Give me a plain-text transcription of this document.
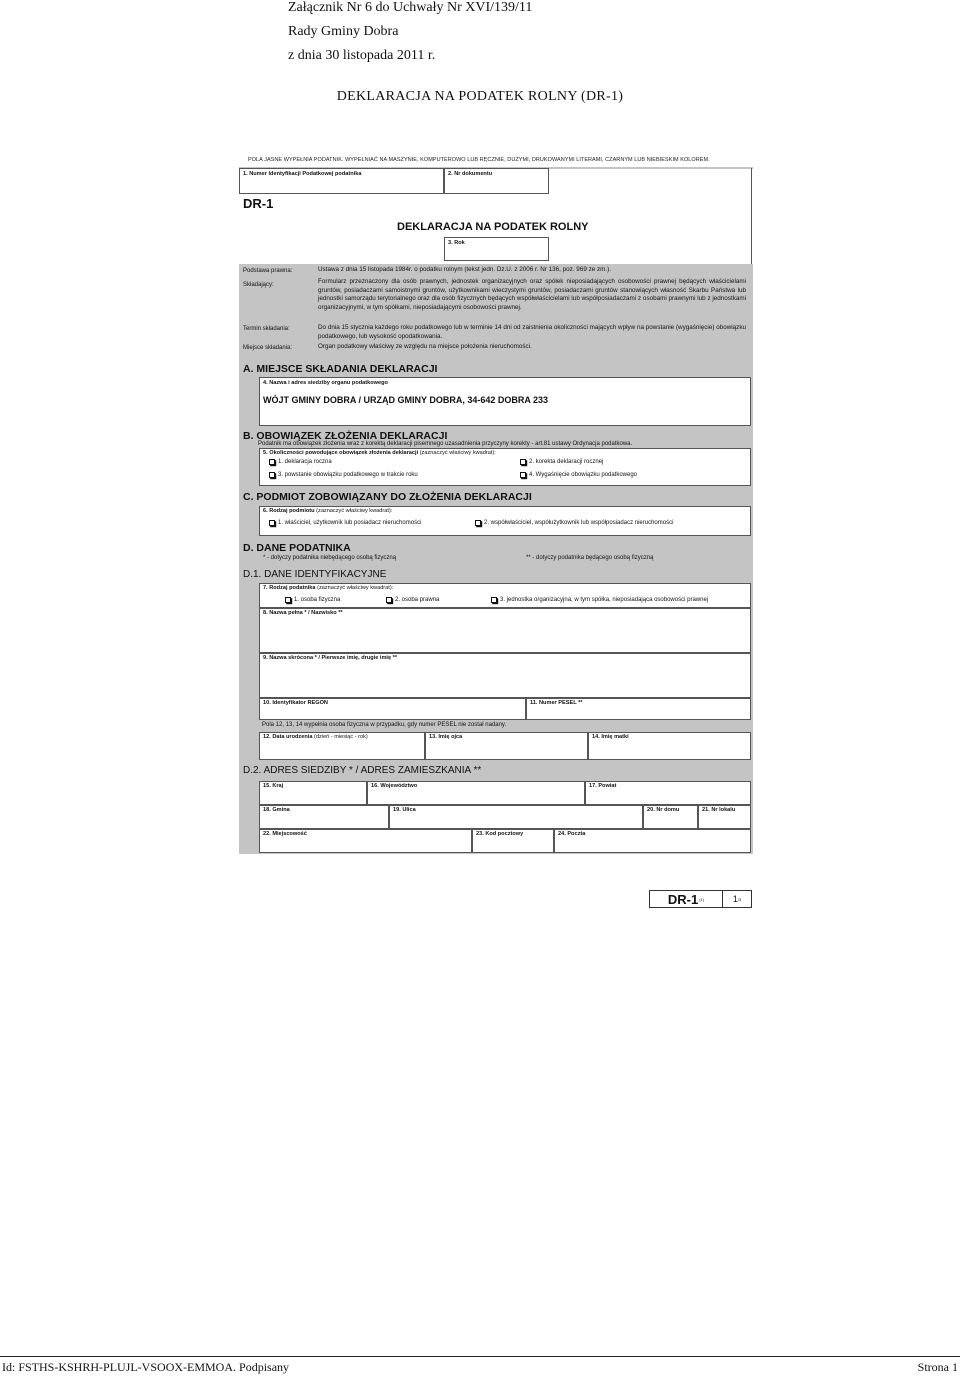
Załącznik Nr 6 do Uchwały Nr XVI/139/11
Rady Gminy Dobra
z dnia 30 listopada 2011 r.
DEKLARACJA NA PODATEK ROLNY (DR-1)
POLA JASNE WYPEŁNIA PODATNIK. WYPEŁNIAĆ NA MASZYNIE, KOMPUTEROWO LUB RĘCZNIE, DUŻYMI, DRUKOWANYMI LITERAMI, CZARNYM LUB NIEBIESKIM KOLOREM.
1. Numer Identyfikacji Podatkowej podatnika	2. Nr dokumentu
DR-1
DEKLARACJA NA PODATEK ROLNY
3. Rok
Podstawa prawna:	Ustawa z dnia 15 listopada 1984r. o podatku rolnym (tekst jedn. Dz.U. z 2006 r. Nr 136, poz. 969 ze zm.).
Składający:	Formularz przeznaczony dla osób prawnych, jednostek organizacyjnych oraz spółek nieposiadających osobowości prawnej będących właścicielami gruntów, posiadaczami samoistnymi gruntów, użytkownikami wieczystymi gruntów, posiadaczami gruntów stanowiących własność Skarbu Państwa lub jednostki samorządu terytorialnego oraz dla osób fizycznych będących współwłaścicielami lub współposiadaczami z osobami prawnymi lub z jednostkami organizacyjnymi, w tym spółkami, nieposiadającymi osobowości prawnej.
Termin składania:	Do dnia 15 stycznia każdego roku podatkowego lub w terminie 14 dni od zaistnienia okoliczności mających wpływ na powstanie (wygaśnięcie) obowiązku podatkowego, lub wysokość opodatkowania.
Miejsce składania:	Organ podatkowy właściwy ze względu na miejsce położenia nieruchomości.
A. MIEJSCE SKŁADANIA DEKLARACJI
4. Nazwa i adres siedziby organu podatkowego
WÓJT GMINY DOBRA / URZĄD GMINY DOBRA, 34-642 DOBRA 233
B. OBOWIĄZEK ZŁOŻENIA DEKLARACJI
Podatnik ma obowiązek złożenia wraz z korektą deklaracji pisemnego uzasadnienia przyczyny korekty - art.81 ustawy Ordynacja podatkowa.
5. Okoliczności powodujące obowiązek złożenia deklaracji (zaznaczyć właściwy kwadrat):
1. deklaracja roczna	2. korekta deklaracji rocznej
3. powstanie obowiązku podatkowego w trakcie roku	4. Wygaśnięcie obowiązku podatkowego
C. PODMIOT ZOBOWIĄZANY DO ZŁOŻENIA DEKLARACJI
6. Rodzaj podmiotu (zaznaczyć właściwy kwadrat):
1. właściciel, użytkownik lub posiadacz nieruchomości	2. współwłaściciel, współużytkownik lub współposiadacz nieruchomości
D. DANE PODATNIKA
* - dotyczy podatnika niebędącego osobą fizyczną	** - dotyczy podatnika będącego osobą fizyczną
D.1. DANE IDENTYFIKACYJNE
7. Rodzaj podatnika (zaznaczyć właściwy kwadrat):
1. osoba fizyczna	2. osoba prawna	3. jednostka organizacyjna, w tym spółka, nieposiadająca osobowości prawnej
8. Nazwa pełna * / Nazwisko **
9. Nazwa skrócona * / Pierwsze imię, drugie imię **
10. Identyfikator REGON	11. Numer PESEL **
Pola 12, 13, 14 wypełnia osoba fizyczna w przypadku, gdy numer PESEL nie został nadany.
12. Data urodzenia (dzień - miesiąc - rok)	13. Imię ojca	14. Imię matki
D.2. ADRES SIEDZIBY * / ADRES ZAMIESZKANIA **
15. Kraj	16. Województwo	17. Powiat
18. Gmina	19. Ulica	20. Nr domu	21. Nr lokalu
22. Miejscowość	23. Kod pocztowy	24. Poczta
DR-1 (1)	1 /3
Id: FSTHS-KSHRH-PLUJL-VSOOX-EMMOA. Podpisany	Strona 1
